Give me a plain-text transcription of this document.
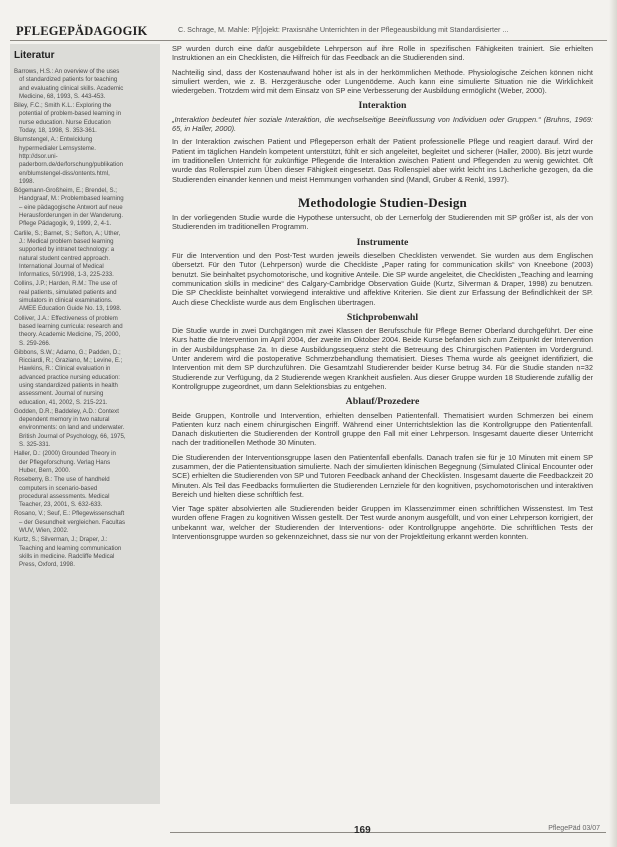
PFLEGEPÄDAGOGIK	C. Schrage, M. Mahle: P[r]ojekt: Praxisnähe Unterrichten in der Pflegeausbildung mit Standardisierter ...
Literatur
Barrows, H.S.: An overview of the uses of standardized patients for teaching and evaluating clinical skills. Academic Medicine, 68, 1993, S. 443-453.
Biley, F.C.; Smith K.L.: Exploring the potential of problem-based learning in nurse education. Nurse Education Today, 18, 1998, S. 353-361.
Blumstengel, A.: Entwicklung hypermedialer Lernsysteme. http://dsor.uni-paderborn.de/de/forschung/publikationen/blumstengel-diss/ontents.html, 1998.
Bögemann-Großheim, E.; Brendel, S.; Handgraaf, M.: Problembased learning – eine pädagogische Antwort auf neue Herausforderungen in der Wanderung. Pflege Pädagogik, 9, 1999, 2, 4-1.
Carlile, S.; Barnet, S.; Sefton, A.; Uther, J.: Medical problem based learning supported by intranet technology: a natural student centred approach. International Journal of Medical Informatics, 50/1998, 1-3, 225-233.
Collins, J.P.; Harden, R.M.: The use of real patients, simulated patients and simulators in clinical examinations. AMEE Education Guide No. 13, 1998.
Colliver, J.A.: Effectiveness of problem based learning curricula: research and theory. Academic Medicine, 75, 2000, S. 259-266.
Gibbons, S.W.; Adamo, G.; Padden, D.; Ricciardi, R.; Graziano, M.; Levine, E.; Hawkins, R.: Clinical evaluation in advanced practice nursing education: using standardized patients in health assessment. Journal of nursing education, 41, 2002, S. 215-221.
Godden, D.R.; Baddeley, A.D.: Context dependent memory in two natural environments: on land and underwater. British Journal of Psychology, 66, 1975, S. 325-331.
Haller, D.: (2000) Grounded Theory in der Pflegeforschung. Verlag Hans Huber, Bern, 2000.
Roseberry, B.: The use of handheld computers in scenario-based procedural assessments. Medical Teacher, 23, 2001, S. 632-633.
Rosano, V.; Seuf, E.: Pflegewissenschaft – der Gesundheit vergleichen. Facultas WUV, Wien, 2002.
Kurtz, S.; Silverman, J.; Draper, J.: Teaching and learning communication skills in medicine. Radcliffe Medical Press, Oxford, 1998.

SP wurden durch eine dafür ausgebildete Lehrperson auf ihre Rolle in spezifischen Fähigkeiten trainiert. Sie erhielten Instruktionen an ein Checklisten, die Hilfreich für das Feedback an die Studierenden sind.

Nachteilig sind, dass der Kostenaufwand höher ist als in der herkömmlichen Methode. Physiologische Zeichen können nicht simuliert werden, wie z. B. Herzgeräusche oder Lungenödeme. Auch kann eine simulierte Situation nie die Wirklichkeit wiedergeben. Trotzdem wird mit dem Einsatz von SP eine Verbesserung der Ausbildung ermöglicht (Weber, 2000).

Interaktion

„Interaktion bedeutet hier soziale Interaktion, die wechselseitige Beeinflussung von Individuen oder Gruppen.“ (Bruhns, 1969: 65, in Haller, 2000).

In der Interaktion zwischen Patient und Pflegeperson erhält der Patient professionelle Pflege und reagiert darauf. Wird der Patient im täglichen Handeln kompetent unterstützt, fühlt er sich angeleitet, begleitet und sicherer (Haller, 2000). Bis jetzt wurde im traditionellen Unterricht für zukünftige Pflegende die Interaktion zwischen Patient und Pflegenden zu wenig gewichtet. Oft wurde das Rollenspiel zum Üben dieser Fähigkeit eingesetzt. Das Rollenspiel aber wirkt leicht ins Lächerliche gezogen, da die Studierenden einander kennen und meist Hemmungen vorhanden sind (Mandl, Gruber & Renkl, 1997).

Methodologie Studien-Design

In der vorliegenden Studie wurde die Hypothese untersucht, ob der Lernerfolg der Studierenden mit SP größer ist, als der von Studierenden im traditionellen Programm.

Instrumente

Für die Intervention und den Post-Test wurden jeweils dieselben Checklisten verwendet. Sie wurden aus dem Englischen übersetzt. Für den Tutor (Lehrperson) wurde die Checkliste „Paper rating for communication skills“ von Kneebone (2003) benutzt. Sie beinhaltet psychomotorische, und kognitive Anteile. Die SP wurde angeleitet, die Checklisten „Teaching and learning communication skills in medicine“ des Calgary-Cambridge Observation Guide (Kurtz, Silverman & Draper, 1998) zu benutzen. Die SP Checkliste beinhaltet vorwiegend interaktive und affektive Kriterien. Sie dient zur Erfassung der Befindlichkeit der SP. Auch diese Checkliste wurde aus dem Englischen übertragen.

Stichprobenwahl

Die Studie wurde in zwei Durchgängen mit zwei Klassen der Berufsschule für Pflege Berner Oberland durchgeführt. Der eine Kurs hatte die Intervention im April 2004, der zweite im Oktober 2004. Beide Kurse befanden sich zum Zeitpunkt der Intervention in der Ausbildungsphase 2a. In diese Ausbildungssequenz steht die Betreuung des Chirurgischen Patienten im Vordergrund. Unter anderem wird die postoperative Schmerzbehandlung thematisiert. Dieses Thema wurde als geeignet identifiziert, die Intervention mit dem SP durchzuführen. Die Gesamtzahl Studierender beider Kurse betrug 34. Für die Studie standen n=32 Studierende zur Verfügung, da 2 Studierende wegen Krankheit ausfielen. Aus dieser Gruppe wurden 18 Studierende zufällig der Kontrollgruppe zugeordnet, um dann Selektionsbias zu entgehen.

Ablauf/Prozedere

Beide Gruppen, Kontrolle und Intervention, erhielten denselben Patientenfall. Thematisiert wurden Schmerzen bei einem Patienten kurz nach einem chirurgischen Eingriff. Während einer Unterrichtslektion las die Kontrollgruppe den Patientenfall. Danach diskutierten die Studierenden der Kontroll gruppe den Fall mit einer Lehrperson. Insgesamt dauerte dieser Unterricht nach der traditionellen Methode 30 Minuten.

Die Studierenden der Interventionsgruppe lasen den Patientenfall ebenfalls. Danach trafen sie für je 10 Minuten mit einem SP zusammen, der die Patientensituation simulierte. Nach der simulierten klinischen Begegnung (Simulated Clinical Encounter oder SCE) erhielten die Studierenden von SP und Tutoren Feedback anhand der Checklisten. Insgesamt dauerte die Feedbackzeit 20 Minuten. Als Teil das Feedbacks formulierten die Studierenden Lernziele für den kognitiven, psychomotorischen und interaktiven Bereich und hielten diese schriftlich fest.

Vier Tage später absolvierten alle Studierenden beider Gruppen im Klassenzimmer einen schriftlichen Wissenstest. Im Test wurden offene Fragen zu kognitiven Wissen gestellt. Der Test wurde anonym ausgefüllt, und von einer Lehrperson korrigiert, der unbekannt war, welcher der Studierenden der Interventions- oder Kontrollgruppe angehörte. Die schriftlichen Tests der Interventionsgruppe wurden so gekennzeichnet, dass sie nur von der Projektleitung erkannt werden konnten.

169	PflegePäd 03/07
